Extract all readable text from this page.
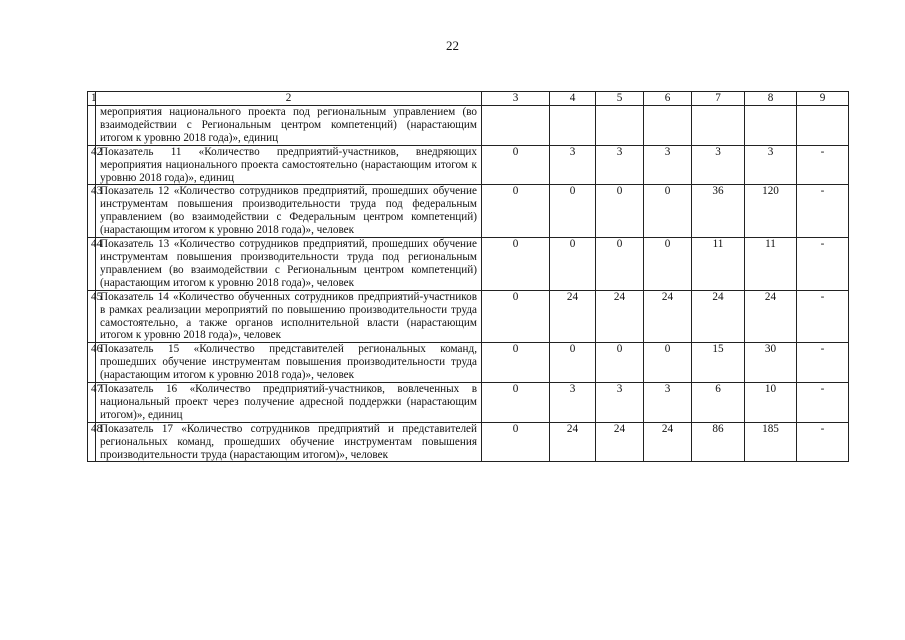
22
1	2	3	4	5	6	7	8	9
	мероприятия национального проекта под региональным управлением (во взаимодействии с Региональным центром компетенций) (нарастающим итогом к уровню 2018 года)», единиц							
42	Показатель 11 «Количество предприятий-участников, внедряющих мероприятия национального проекта самостоятельно (нарастающим итогом к уровню 2018 года)», единиц	0	3	3	3	3	3	-
43	Показатель 12 «Количество сотрудников предприятий, прошедших обучение инструментам повышения производительности труда под федеральным управлением (во взаимодействии с Федеральным центром компетенций) (нарастающим итогом к уровню 2018 года)», человек	0	0	0	0	36	120	-
44	Показатель 13 «Количество сотрудников предприятий, прошедших обучение инструментам повышения производительности труда под региональным управлением (во взаимодействии с Региональным центром компетенций) (нарастающим итогом к уровню 2018 года)», человек	0	0	0	0	11	11	-
45	Показатель 14 «Количество обученных сотрудников предприятий-участников в рамках реализации мероприятий по повышению производительности труда самостоятельно, а также органов исполнительной власти (нарастающим итогом к уровню 2018 года)», человек	0	24	24	24	24	24	-
46	Показатель 15 «Количество представителей региональных команд, прошедших обучение инструментам повышения производительности труда (нарастающим итогом к уровню 2018 года)», человек	0	0	0	0	15	30	-
47	Показатель 16 «Количество предприятий-участников, вовлеченных в национальный проект через получение адресной поддержки (нарастающим итогом)», единиц	0	3	3	3	6	10	-
48	Показатель 17 «Количество сотрудников предприятий и представителей региональных команд, прошедших обучение инструментам повышения производительности труда (нарастающим итогом)», человек	0	24	24	24	86	185	-
